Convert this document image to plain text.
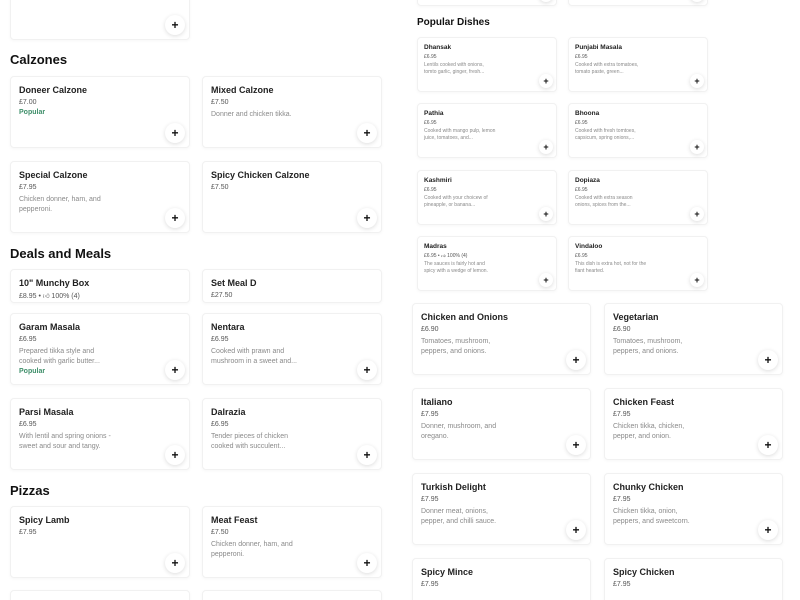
+
Calzones
Doneer Calzone
£7.00
Popular
+
Mixed Calzone
£7.50
Donner and chicken tikka.
+
Special Calzone
£7.95
Chicken donner, ham, and pepperoni.
+
Spicy Chicken Calzone
£7.50
+
Deals and Meals
10" Munchy Box
£8.95 • 👍︎ 100% (4)
Set Meal D
£27.50
Garam Masala
£6.95
Prepared tikka style and cooked with garlic butter...
Popular	+
Nentara
£6.95
Cooked with prawn and mushroom in a sweet and...
+
Parsi Masala
£6.95
With lentil and spring onions - sweet and sour and tangy.
+
Dalrazia
£6.95
Tender pieces of chicken cooked with succulent...
+
Pizzas
Spicy Lamb
£7.95
+
Meat Feast
£7.50
Chicken donner, ham, and pepperoni.
+
Popular Dishes
Dhansak
£6.95
Lentils cooked with onions, tomto garlic, ginger, fresh...
+
Punjabi Masala
£6.95
Cooked with extra tomatoes, tomato paste, green...
+
Pathia
£6.95
Cooked with mango pulp, lemon juice, tomatoes, and...
+
Bhoona
£6.95
Cooked with fresh tomtoes, capsicum, spring onions,...
+
Kashmiri
£6.95
Cooked with your choicew of pineapple, or banana...
+
Dopiaza
£6.95
Cooked with extra season onions, spices from the...
+
Madras
£6.95 • 👍︎ 100% (4)
The sauces is fairly hot and spicy with a wedge of lemon.
+
Vindaloo
£6.95
This dish is extra hot, not for the fiant hearted.
+
Chicken and Onions
£6.90
Tomatoes, mushroom, peppers, and onions.
+
Vegetarian
£6.90
Tomatoes, mushroom, peppers, and onions.
+
Italiano
£7.95
Donner, mushroom, and oregano.
+
Chicken Feast
£7.95
Chicken tikka, chicken, pepper, and onion.
+
Turkish Delight
£7.95
Donner meat, onions, pepper, and chilli sauce.
+
Chunky Chicken
£7.95
Chicken tikka, onion, peppers, and sweetcorn.
+
Spicy Mince
£7.95
Spicy Chicken
£7.95
